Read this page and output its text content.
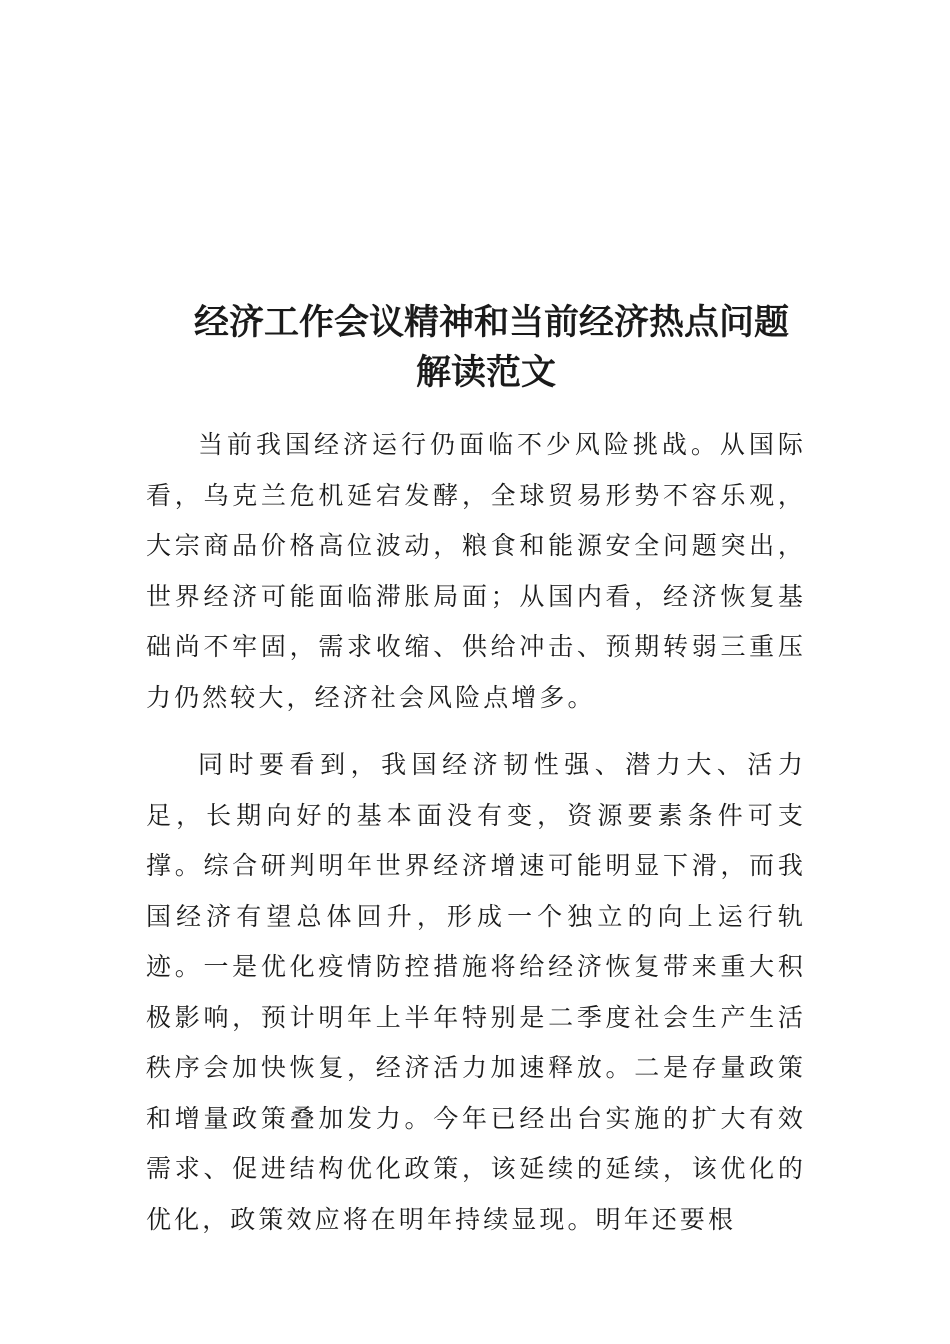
经济工作会议精神和当前经济热点问题
解读范文

当前我国经济运行仍面临不少风险挑战。从国际看，乌克兰危机延宕发酵，全球贸易形势不容乐观，大宗商品价格高位波动，粮食和能源安全问题突出，世界经济可能面临滞胀局面；从国内看，经济恢复基础尚不牢固，需求收缩、供给冲击、预期转弱三重压力仍然较大，经济社会风险点增多。

同时要看到，我国经济韧性强、潜力大、活力足，长期向好的基本面没有变，资源要素条件可支撑。综合研判明年世界经济增速可能明显下滑，而我国经济有望总体回升，形成一个独立的向上运行轨迹。一是优化疫情防控措施将给经济恢复带来重大积极影响，预计明年上半年特别是二季度社会生产生活秩序会加快恢复，经济活力加速释放。二是存量政策和增量政策叠加发力。今年已经出台实施的扩大有效需求、促进结构优化政策，该延续的延续，该优化的优化，政策效应将在明年持续显现。明年还要根
